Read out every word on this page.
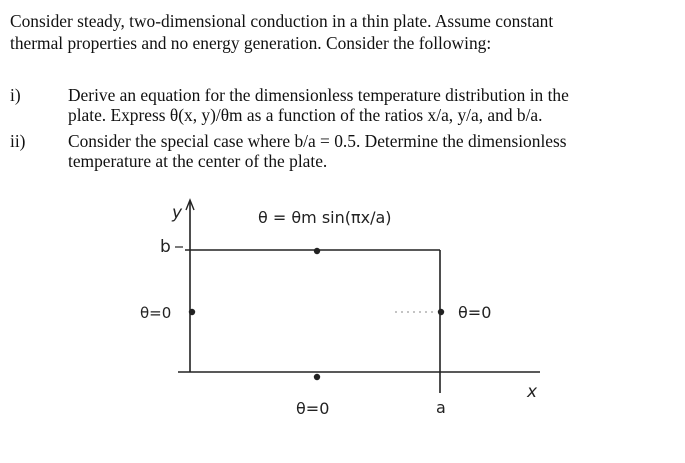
Consider steady, two-dimensional conduction in a thin plate. Assume constant
thermal properties and no energy generation. Consider the following:
i)	Derive an equation for the dimensionless temperature distribution in the
plate. Express θ(x, y)/θm as a function of the ratios x/a, y/a, and b/a.
ii) Consider the special case where b/a = 0.5. Determine the dimensionless
temperature at the center of the plate.
y
b
θ = θm sin(πx/a)
θ=0	θ=0
θ=0	a
x
